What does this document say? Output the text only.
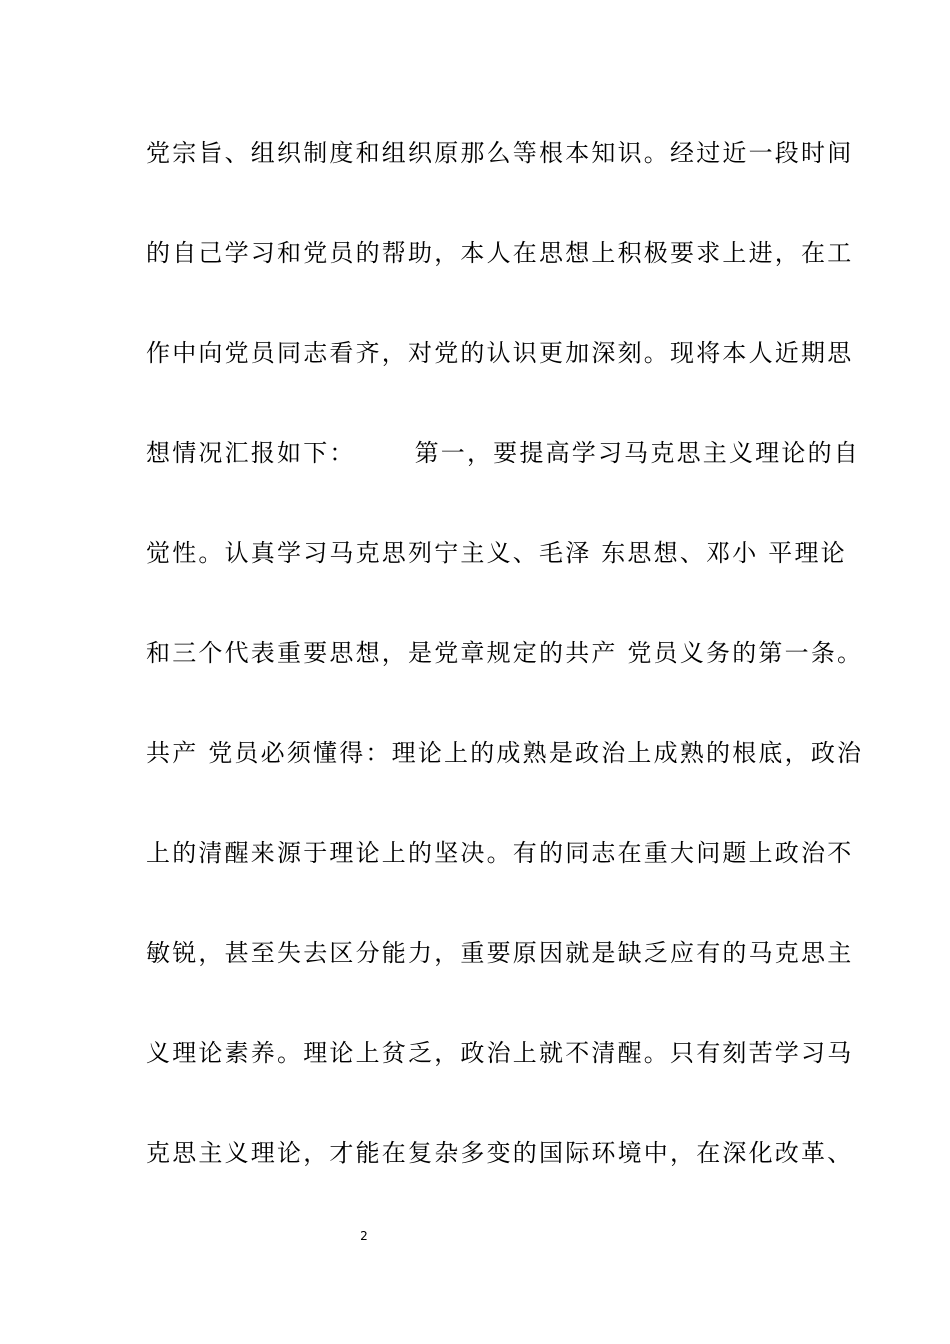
党宗旨、组织制度和组织原那么等根本知识。经过近一段时间
的自己学习和党员的帮助，本人在思想上积极要求上进，在工
作中向党员同志看齐，对党的认识更加深刻。现将本人近期思
想情况汇报如下：      第一，要提高学习马克思主义理论的自
觉性。认真学习马克思列宁主义、毛泽 东思想、邓小 平理论
和三个代表重要思想，是党章规定的共产 党员义务的第一条。
共产 党员必须懂得：理论上的成熟是政治上成熟的根底，政治
上的清醒来源于理论上的坚决。有的同志在重大问题上政治不
敏锐，甚至失去区分能力，重要原因就是缺乏应有的马克思主
义理论素养。理论上贫乏，政治上就不清醒。只有刻苦学习马
克思主义理论，才能在复杂多变的国际环境中，在深化改革、
2
